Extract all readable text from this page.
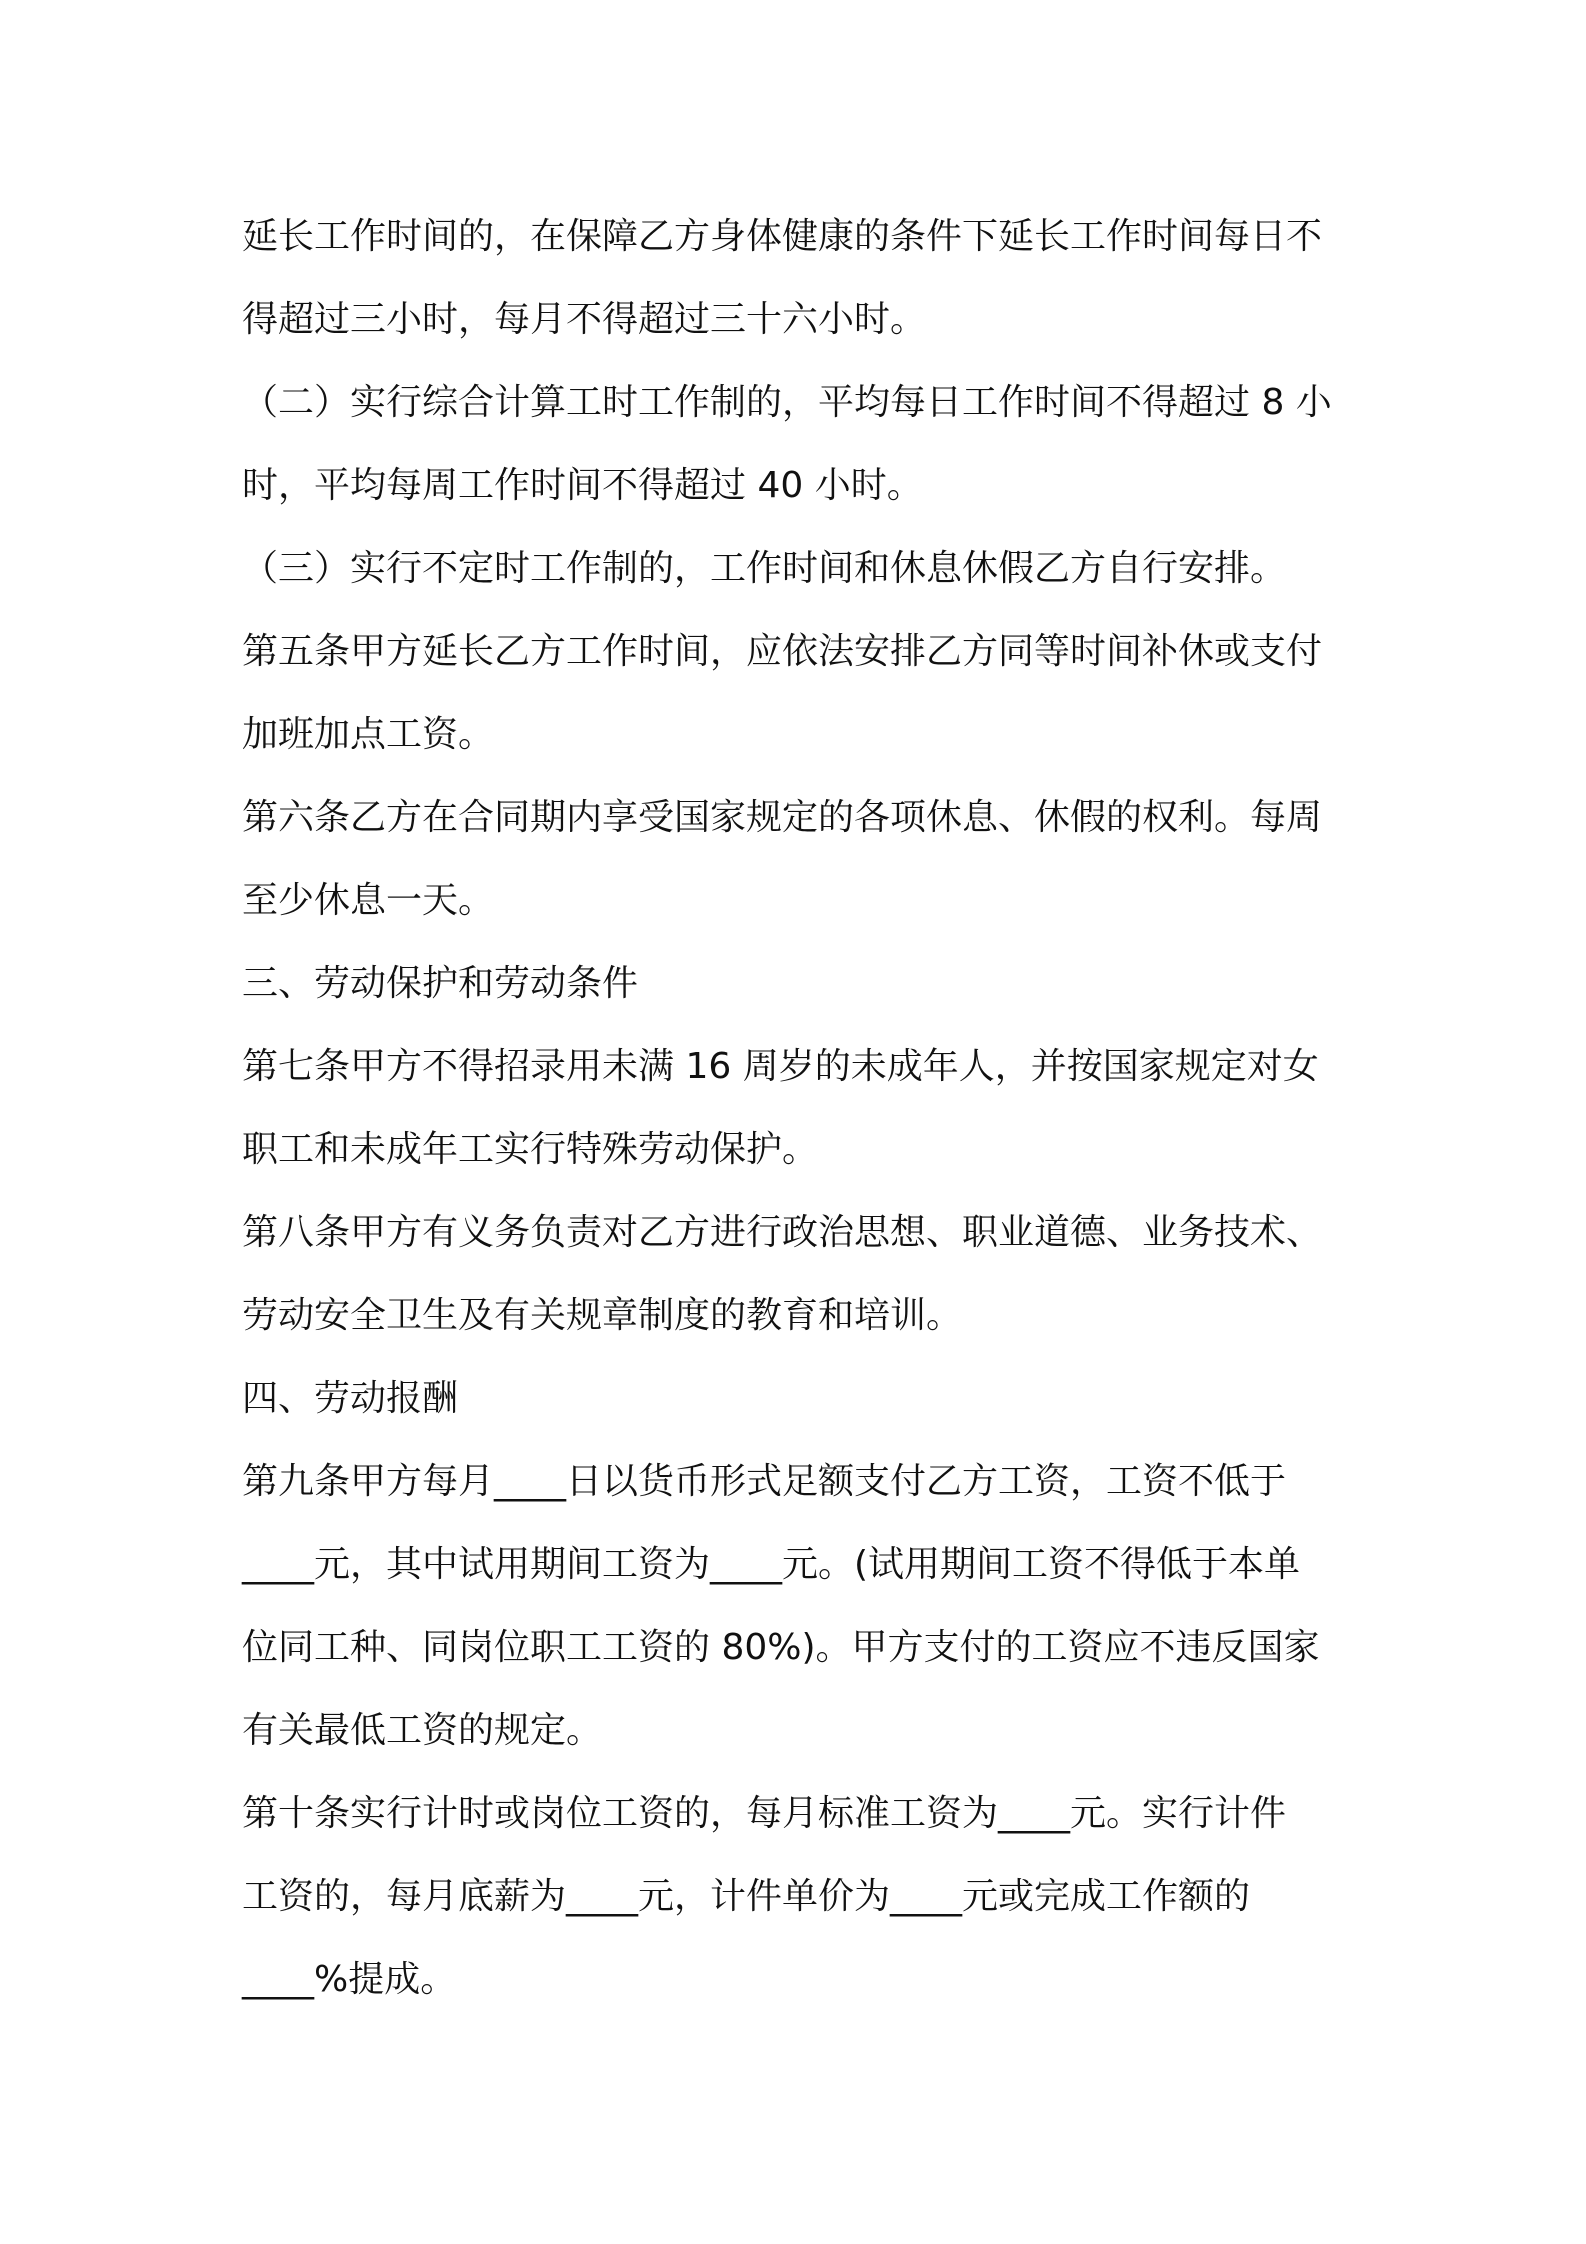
延长工作时间的，在保障乙方身体健康的条件下延长工作时间每日不
得超过三小时，每月不得超过三十六小时。
（二）实行综合计算工时工作制的，平均每日工作时间不得超过 8 小
时，平均每周工作时间不得超过 40 小时。
（三）实行不定时工作制的，工作时间和休息休假乙方自行安排。
第五条甲方延长乙方工作时间，应依法安排乙方同等时间补休或支付
加班加点工资。
第六条乙方在合同期内享受国家规定的各项休息、休假的权利。每周
至少休息一天。
三、劳动保护和劳动条件
第七条甲方不得招录用未满 16 周岁的未成年人，并按国家规定对女
职工和未成年工实行特殊劳动保护。
第八条甲方有义务负责对乙方进行政治思想、职业道德、业务技术、
劳动安全卫生及有关规章制度的教育和培训。
四、劳动报酬
第九条甲方每月____日以货币形式足额支付乙方工资，工资不低于
____元，其中试用期间工资为____元。(试用期间工资不得低于本单
位同工种、同岗位职工工资的 80%)。甲方支付的工资应不违反国家
有关最低工资的规定。
第十条实行计时或岗位工资的，每月标准工资为____元。实行计件
工资的，每月底薪为____元，计件单价为____元或完成工作额的
____%提成。
